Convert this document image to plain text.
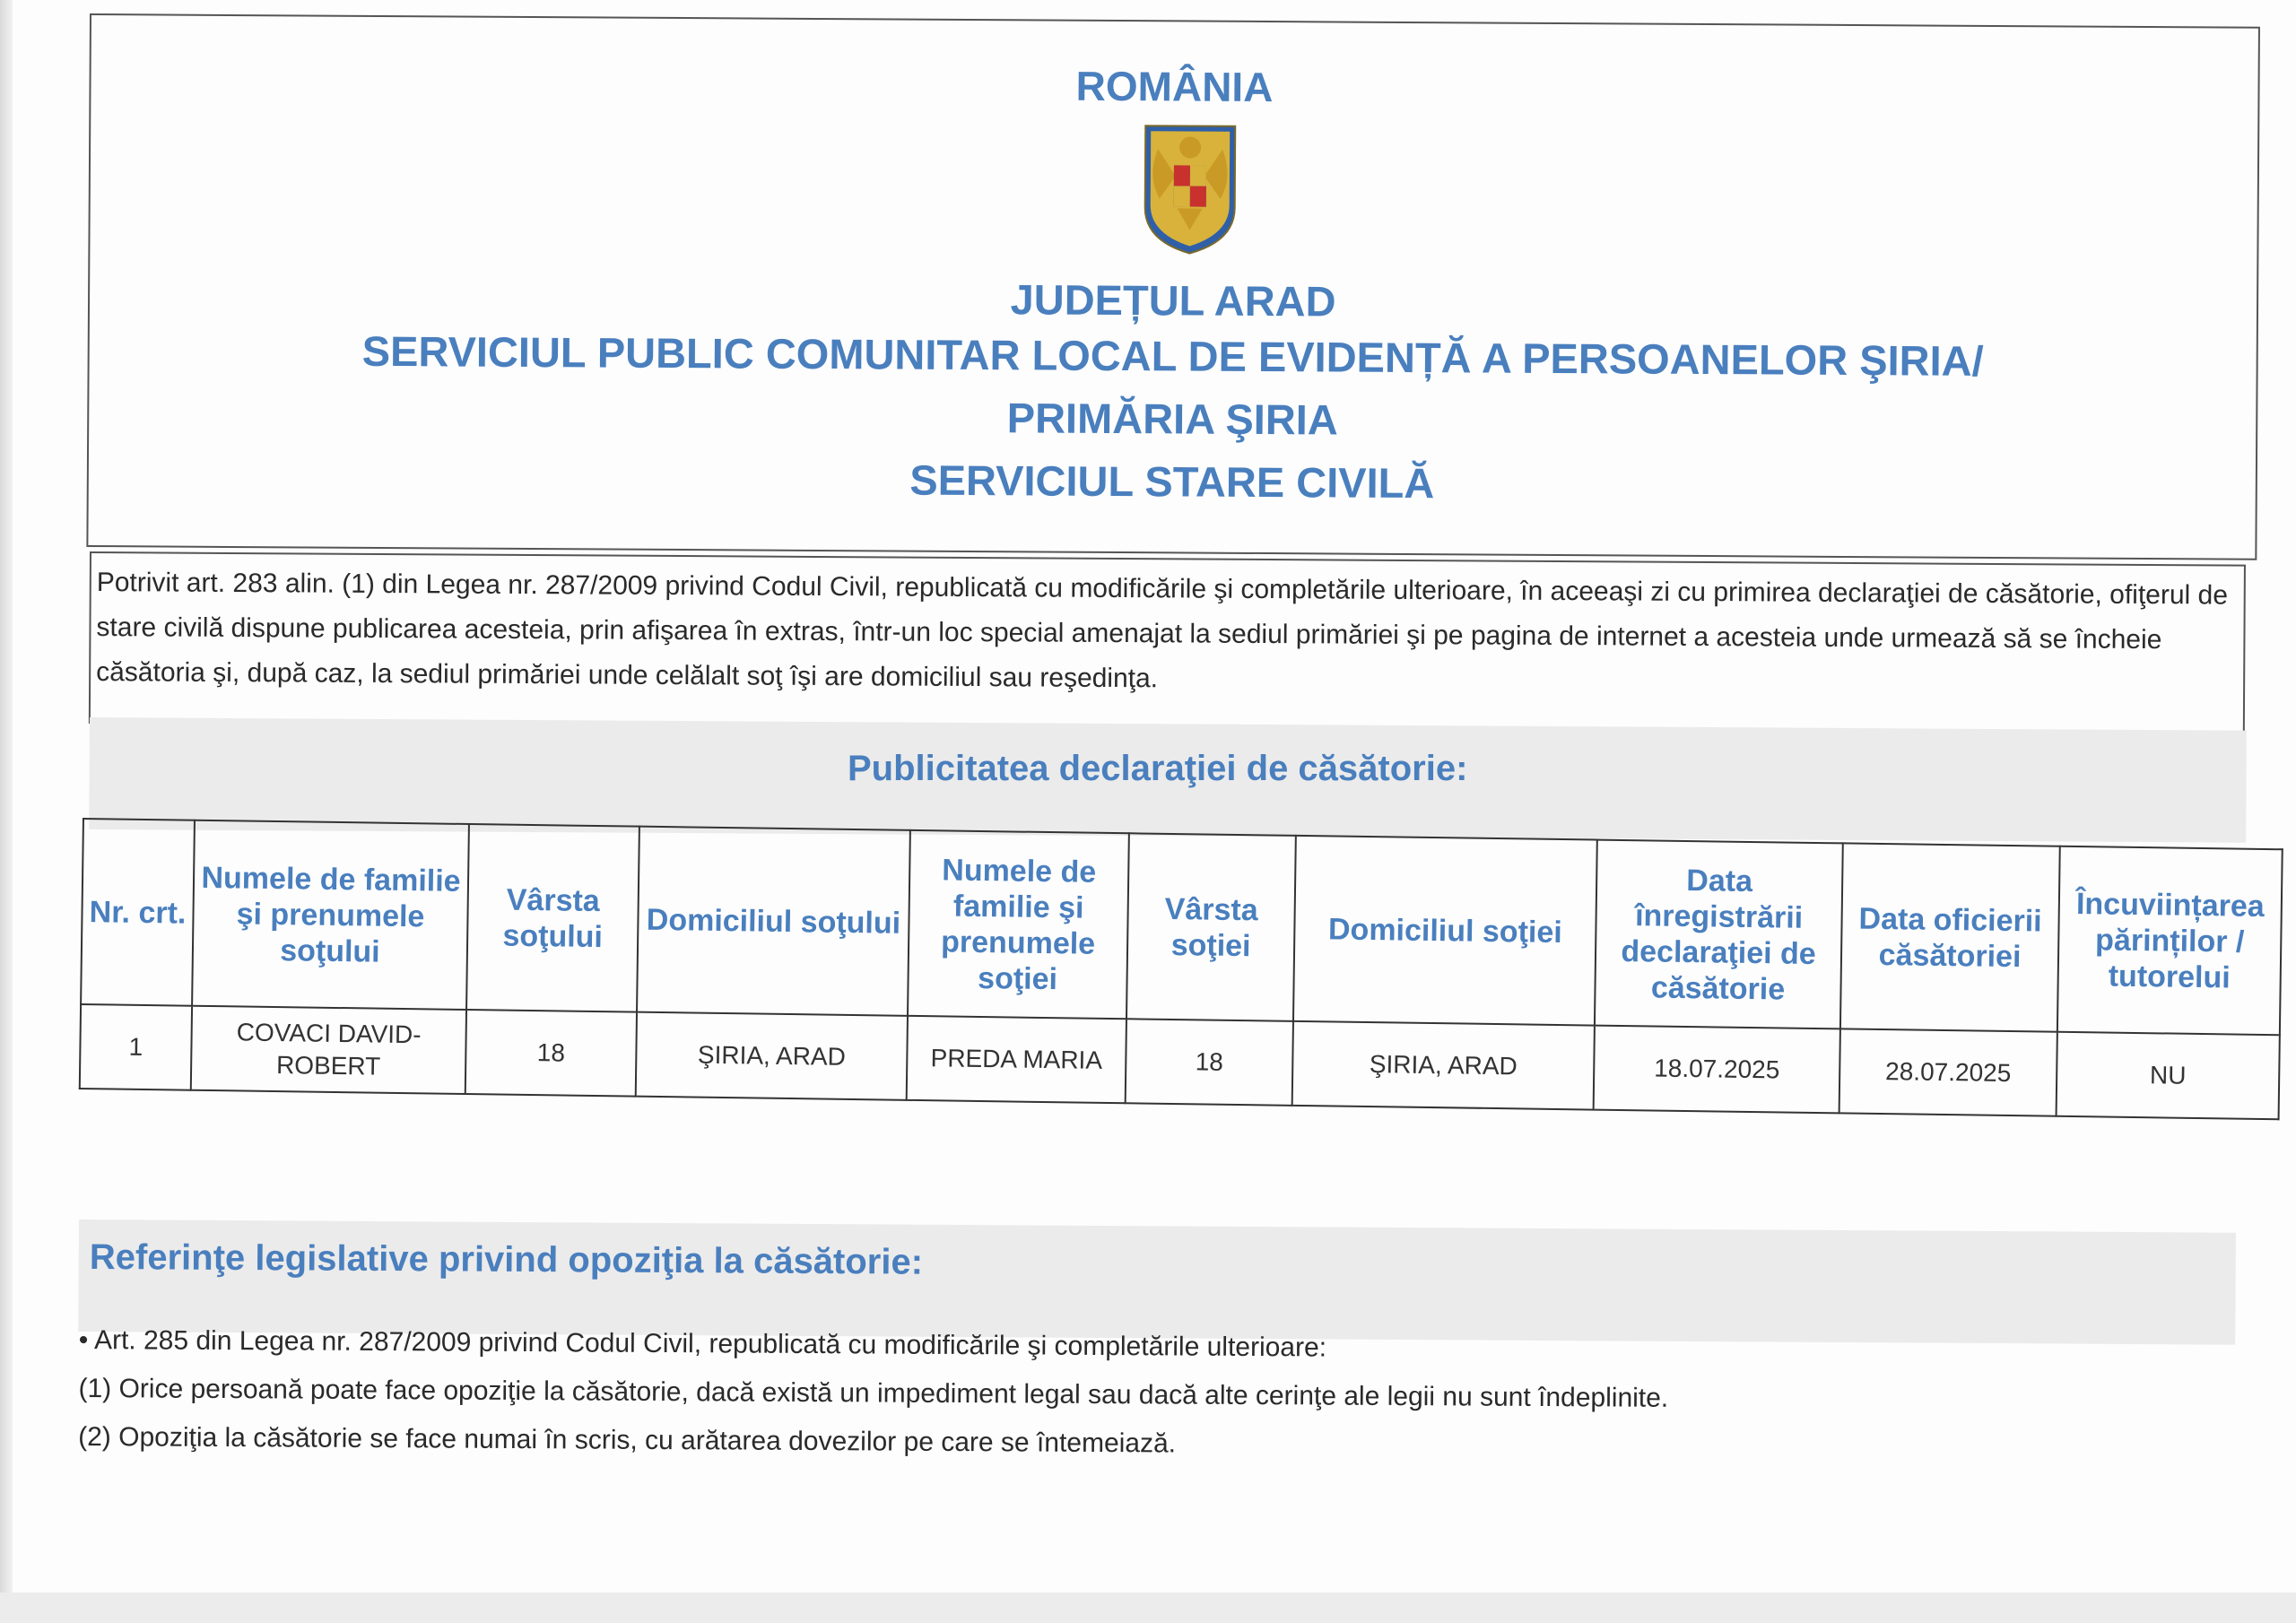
ROMÂNIA
JUDEȚUL ARAD
SERVICIUL PUBLIC COMUNITAR LOCAL DE EVIDENȚĂ A PERSOANELOR ŞIRIA/
PRIMĂRIA ŞIRIA
SERVICIUL STARE CIVILĂ
Potrivit art. 283 alin. (1) din Legea nr. 287/2009 privind Codul Civil, republicată cu modificările şi completările ulterioare, în aceeaşi zi cu primirea declaraţiei de căsătorie, ofiţerul de stare civilă dispune publicarea acesteia, prin afişarea în extras, într-un loc special amenajat la sediul primăriei şi pe pagina de internet a acesteia unde urmează să se încheie căsătoria şi, după caz, la sediul primăriei unde celălalt soţ îşi are domiciliul sau reşedinţa.
Publicitatea declaraţiei de căsătorie:
Nr. crt.	Numele de familie şi prenumele soţului	Vârsta soţului	Domiciliul soţului	Numele de familie şi prenumele soţiei	Vârsta soţiei	Domiciliul soţiei	Data înregistrării declaraţiei de căsătorie	Data oficierii căsătoriei	Încuviințarea părinților / tutorelui
1	COVACI DAVID-ROBERT	18	ŞIRIA, ARAD	PREDA MARIA	18	ŞIRIA, ARAD	18.07.2025	28.07.2025	NU
Referinţe legislative privind opoziţia la căsătorie:
• Art. 285 din Legea nr. 287/2009 privind Codul Civil, republicată cu modificările şi completările ulterioare:
(1) Orice persoană poate face opoziţie la căsătorie, dacă există un impediment legal sau dacă alte cerinţe ale legii nu sunt îndeplinite.
(2) Opoziţia la căsătorie se face numai în scris, cu arătarea dovezilor pe care se întemeiază.
